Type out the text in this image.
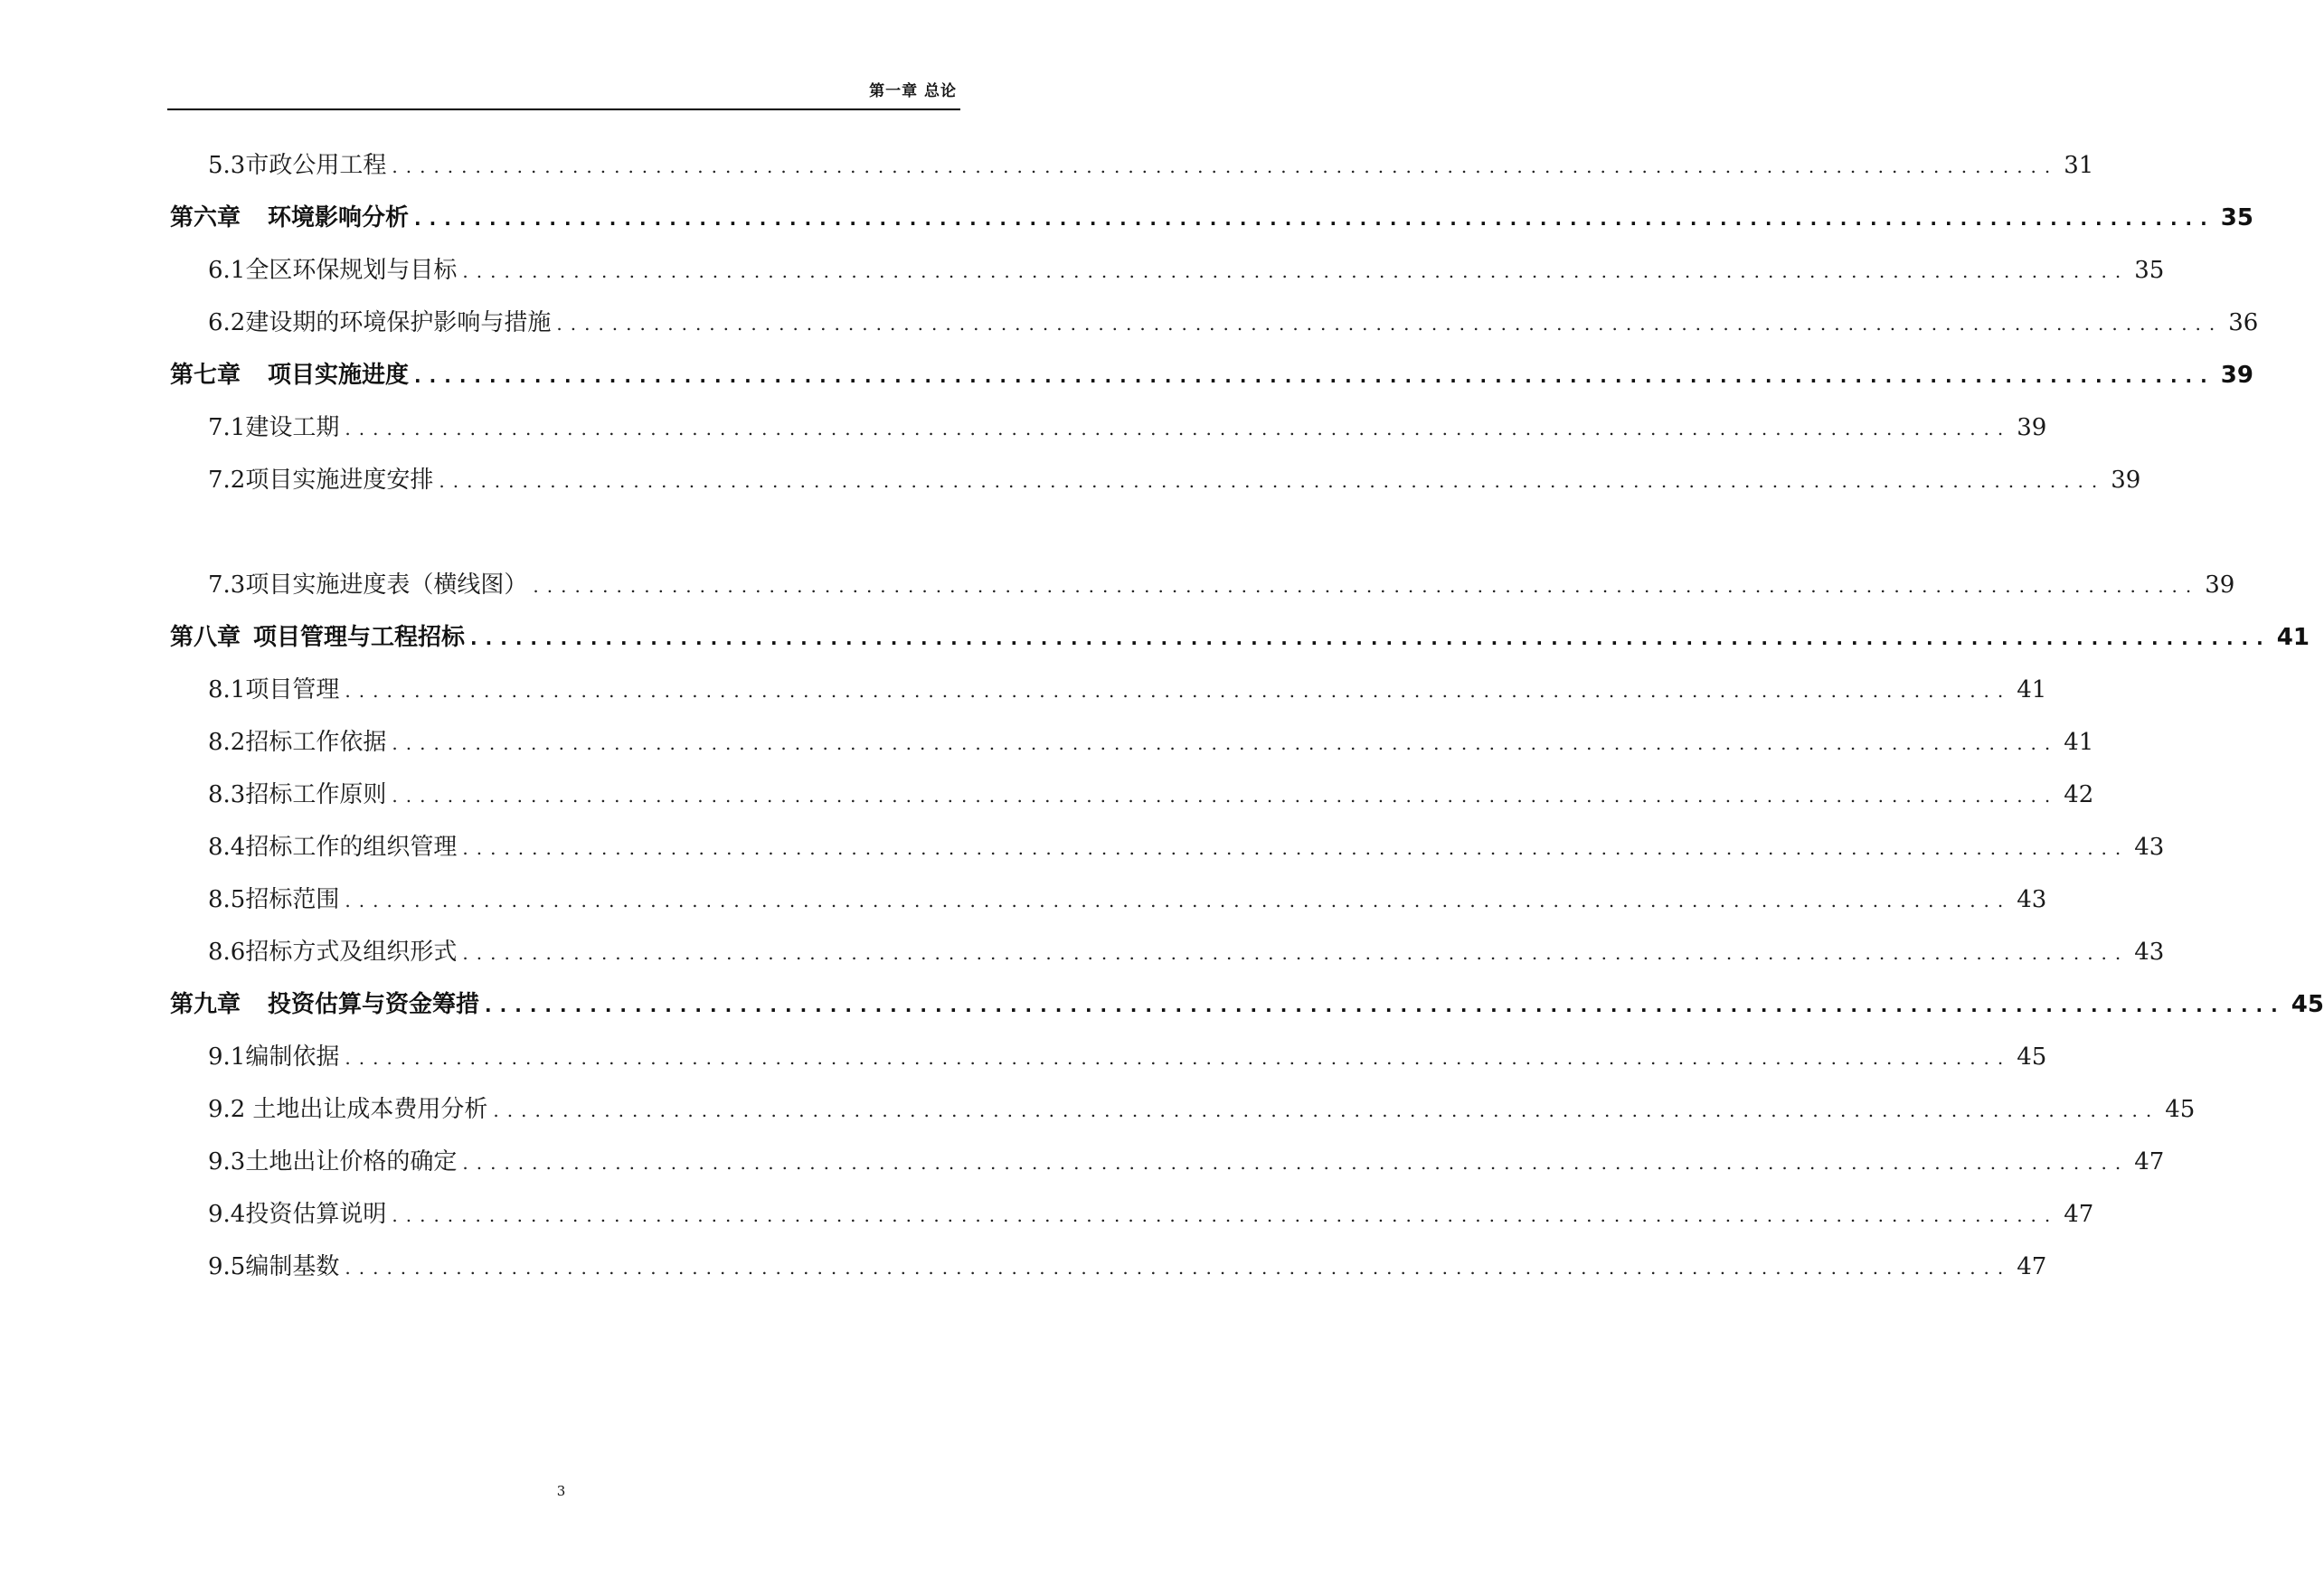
第一章 总论
5.3 市政公用工程 ........................................................................................................................ 31
第六章 环境影响分析 ........................................................................................................................ 35
6.1 全区环保规划与目标 ........................................................................................................................ 35
6.2 建设期的环境保护影响与措施 ........................................................................................................................ 36
第七章 项目实施进度 ........................................................................................................................ 39
7.1 建设工期 ........................................................................................................................ 39
7.2 项目实施进度安排 ........................................................................................................................ 39
7.3 项目实施进度表（横线图） ........................................................................................................................ 39
第八章 项目管理与工程招标 ........................................................................................................................ 41
8.1 项目管理 ........................................................................................................................ 41
8.2 招标工作依据 ........................................................................................................................ 41
8.3 招标工作原则 ........................................................................................................................ 42
8.4 招标工作的组织管理 ........................................................................................................................ 43
8.5 招标范围 ........................................................................................................................ 43
8.6 招标方式及组织形式 ........................................................................................................................ 43
第九章 投资估算与资金筹措 ........................................................................................................................ 45
9.1 编制依据 ........................................................................................................................ 45
9.2 土地出让成本费用分析 ........................................................................................................................ 45
9.3 土地出让价格的确定 ........................................................................................................................ 47
9.4 投资估算说明 ........................................................................................................................ 47
9.5 编制基数 ........................................................................................................................ 47
3
